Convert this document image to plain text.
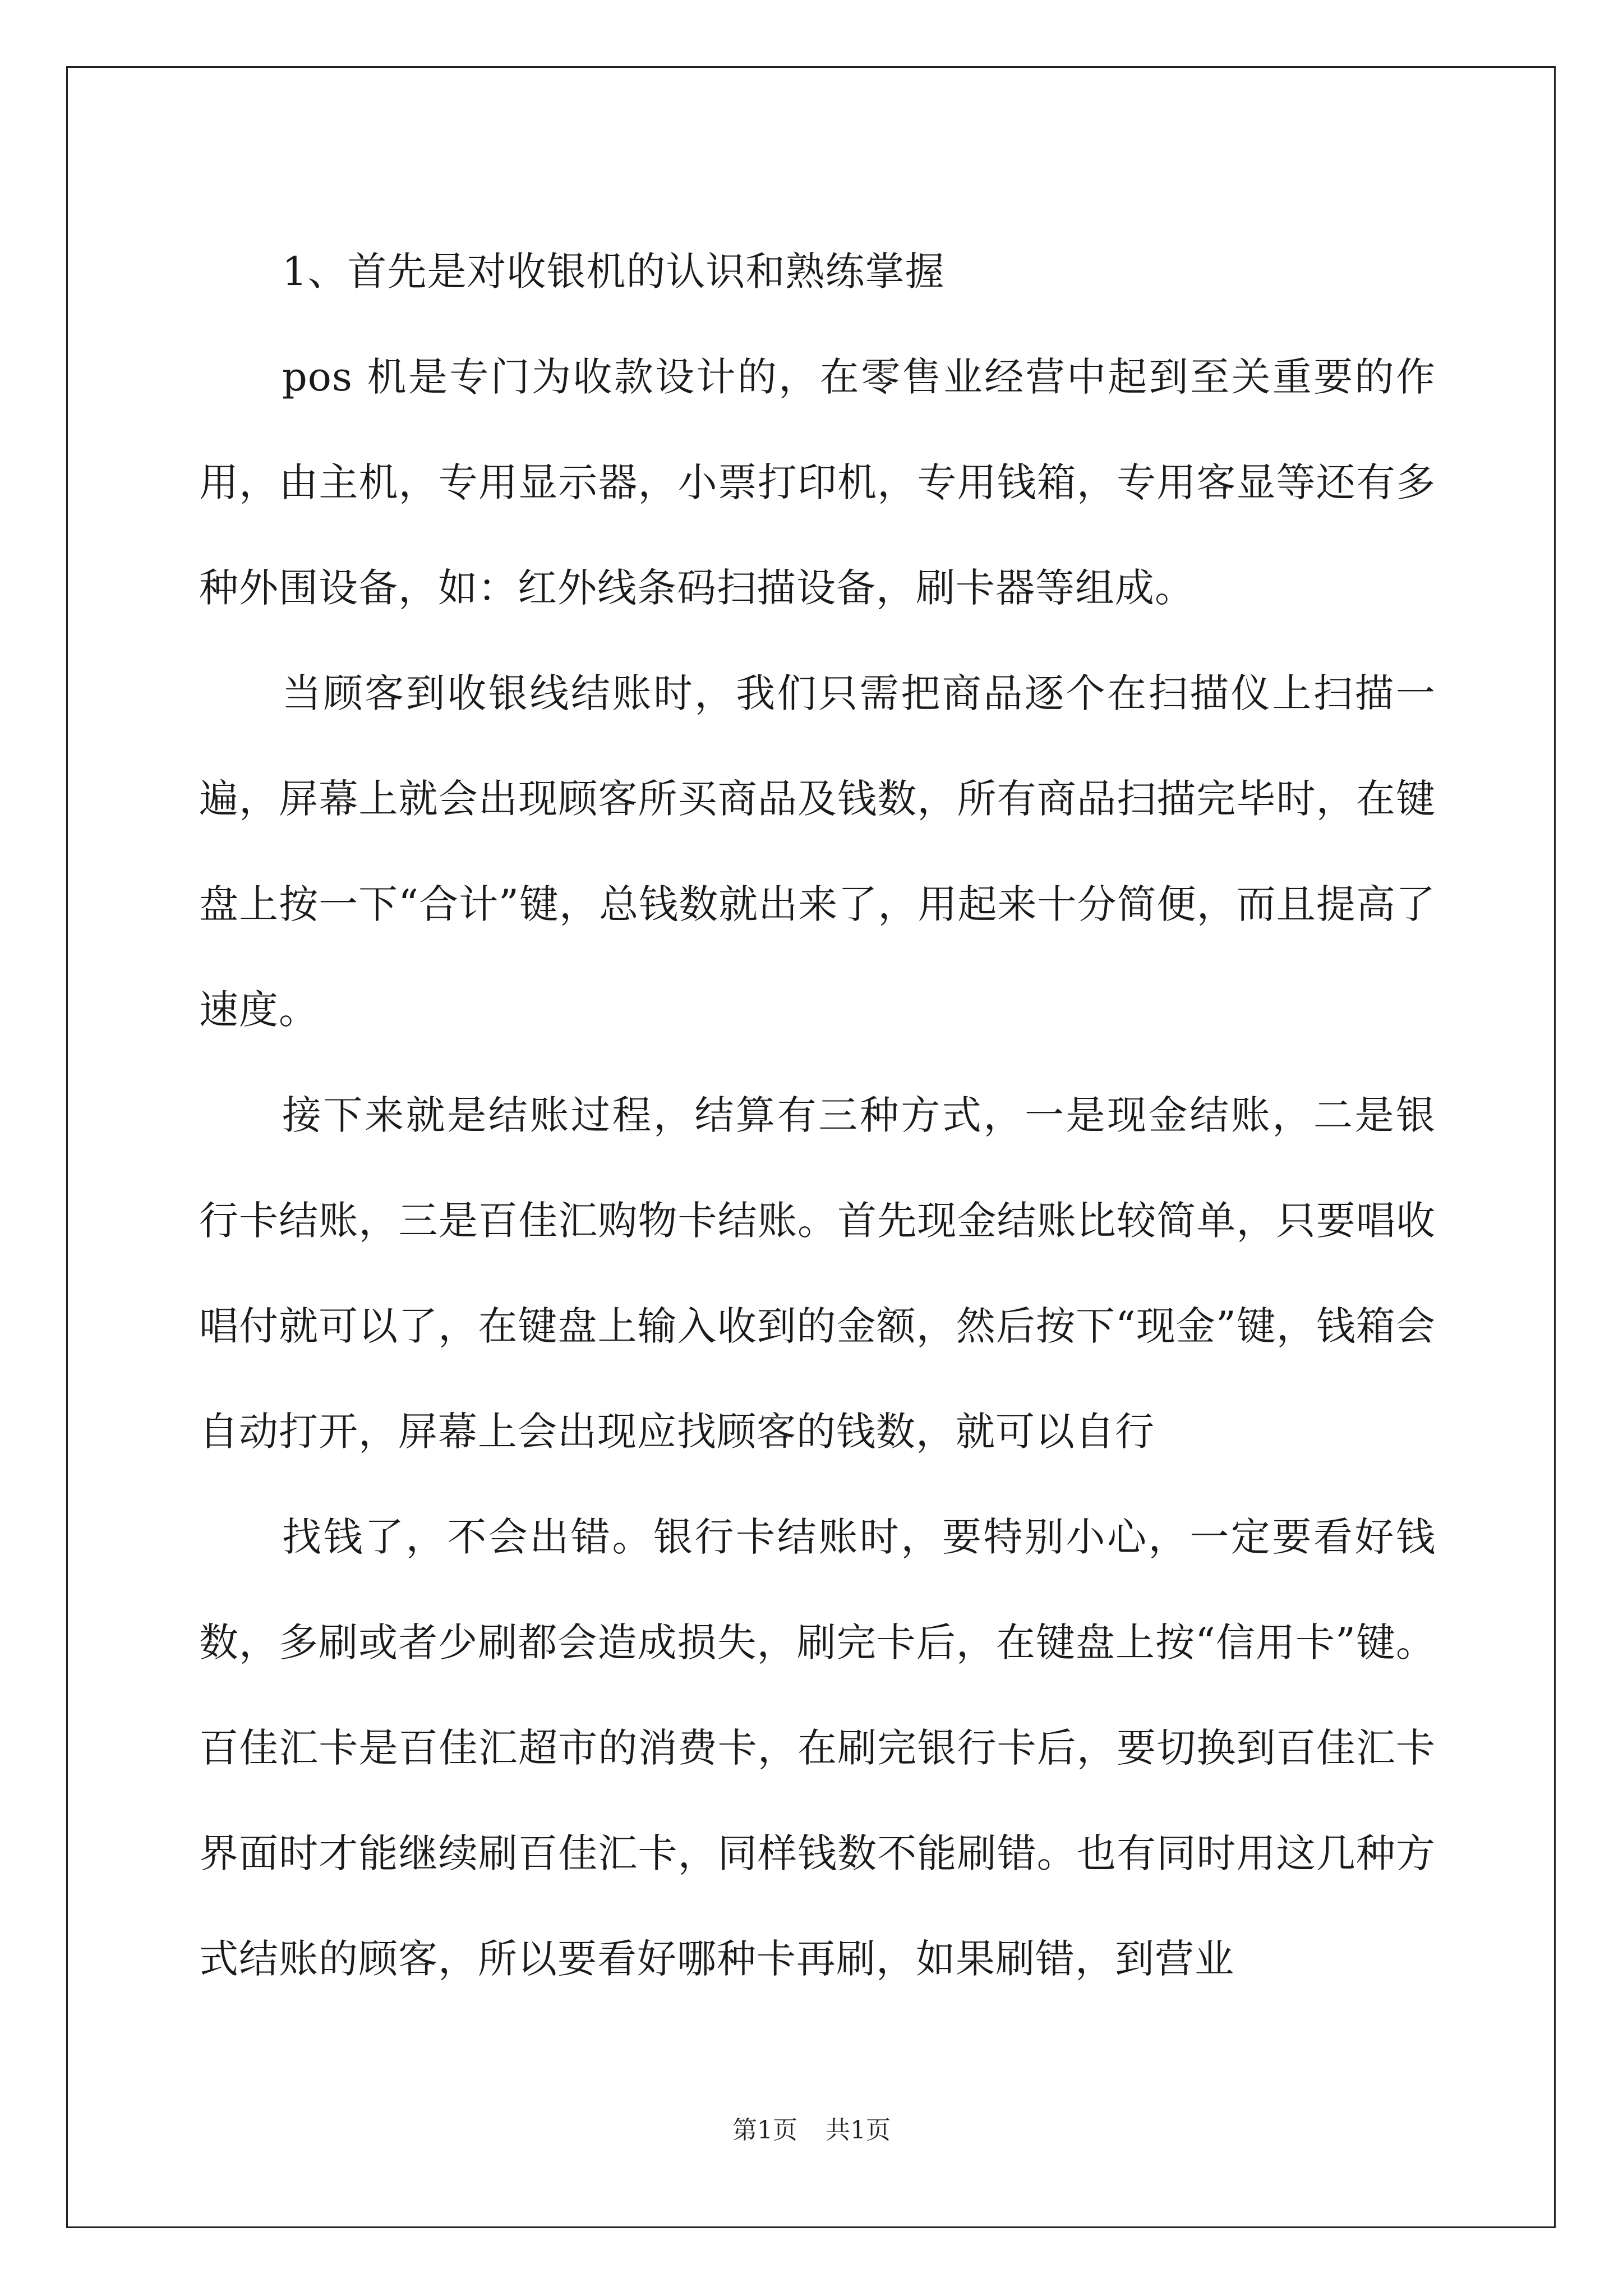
1、首先是对收银机的认识和熟练掌握

pos 机是专门为收款设计的，在零售业经营中起到至关重要的作用，由主机，专用显示器，小票打印机，专用钱箱，专用客显等还有多种外围设备，如：红外线条码扫描设备，刷卡器等组成。

当顾客到收银线结账时，我们只需把商品逐个在扫描仪上扫描一遍，屏幕上就会出现顾客所买商品及钱数，所有商品扫描完毕时，在键盘上按一下“合计”键，总钱数就出来了，用起来十分简便，而且提高了速度。

接下来就是结账过程，结算有三种方式，一是现金结账，二是银行卡结账，三是百佳汇购物卡结账。首先现金结账比较简单，只要唱收唱付就可以了，在键盘上输入收到的金额，然后按下“现金”键，钱箱会自动打开，屏幕上会出现应找顾客的钱数，就可以自行

找钱了，不会出错。银行卡结账时，要特别小心，一定要看好钱数，多刷或者少刷都会造成损失，刷完卡后，在键盘上按“信用卡”键。百佳汇卡是百佳汇超市的消费卡，在刷完银行卡后，要切换到百佳汇卡界面时才能继续刷百佳汇卡，同样钱数不能刷错。也有同时用这几种方式结账的顾客，所以要看好哪种卡再刷，如果刷错，到营业

第1页 共1页
